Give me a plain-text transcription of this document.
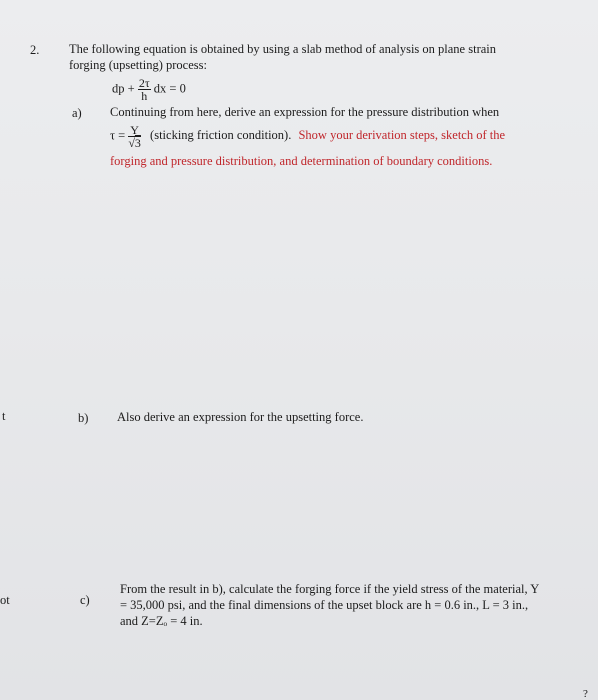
t
ot
2. The following equation is obtained by using a slab method of analysis on plane strain
forging (upsetting) process:
dp + $\frac{2\tau}{h}$ dx = 0
a) Continuing from here, derive an expression for the pressure distribution when
$\tau = \frac{Y}{√3}$ (sticking friction condition). Show your derivation steps, sketch of the
forging and pressure distribution, and determination of boundary conditions.
b) Also derive an expression for the upsetting force.
c)
From the result in b), calculate the forging force if the yield stress of the material, Y
= 35,000 psi, and the final dimensions of the upset block are h = 0.6 in., L = 3 in.,
and Z=Zₒ = 4 in.
?
